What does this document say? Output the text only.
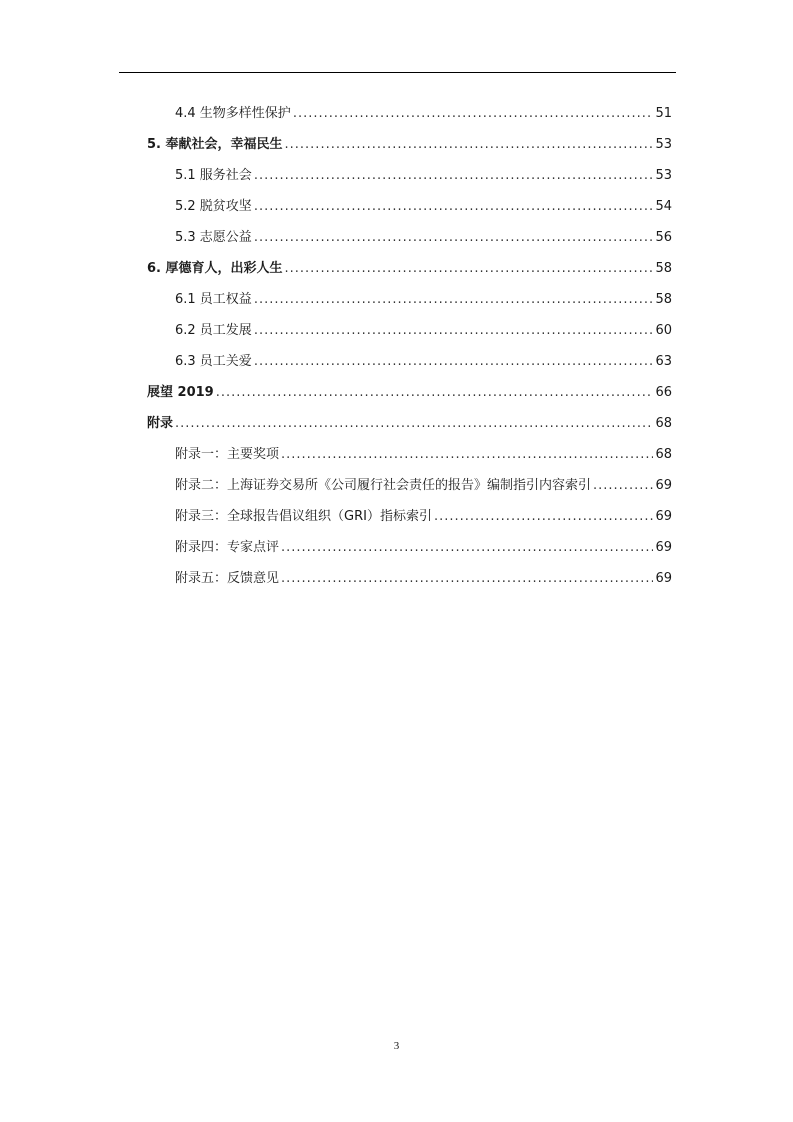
4.4 生物多样性保护 .....	51
5. 奉献社会，幸福民生 .....	53
5.1 服务社会 .....	53
5.2 脱贫攻坚 .....	54
5.3 志愿公益 .....	56
6. 厚德育人，出彩人生 .....	58
6.1 员工权益 .....	58
6.2 员工发展 .....	60
6.3 员工关爱 .....	63
展望 2019 .....	66
附录 .....	68
附录一：主要奖项 .....	68
附录二：上海证券交易所《公司履行社会责任的报告》编制指引内容索引 .....	69
附录三：全球报告倡议组织（GRI）指标索引 .....	69
附录四：专家点评 .....	69
附录五：反馈意见 .....	69
3
